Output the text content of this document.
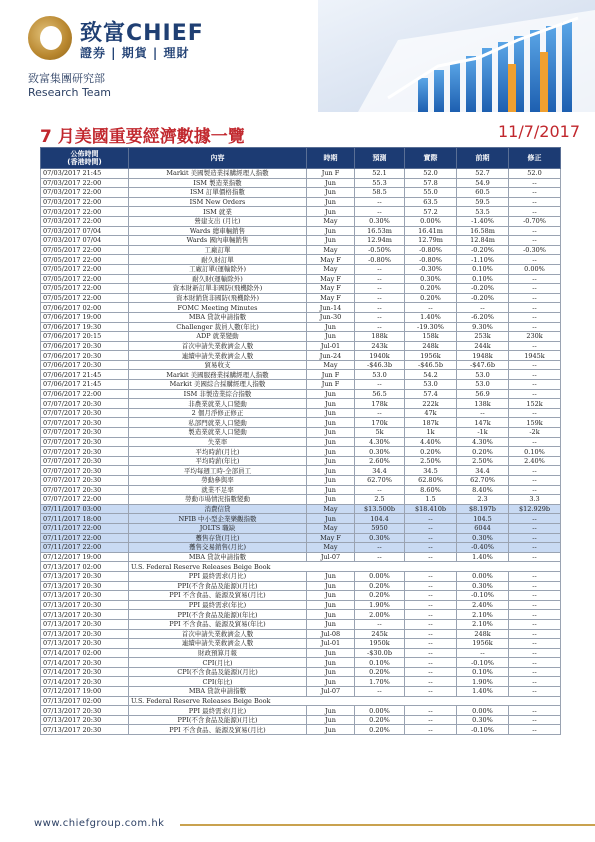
致富CHIEF
證券 | 期貨 | 理財
致富集團研究部
Research Team
7 月美國重要經濟數據一覽	11/7/2017
公佈時間
(香港時間)	內容	時期	預測	實際	前期	修正
07/03/2017 21:45	Markit 美國製造業採購經理人指數	Jun F	52.1	52.0	52.7	52.0
07/03/2017 22:00	ISM 製造業指數	Jun	55.3	57.8	54.9	--
07/03/2017 22:00	ISM 訂單價格指數	Jun	58.5	55.0	60.5	--
07/03/2017 22:00	ISM New Orders	Jun	--	63.5	59.5	--
07/03/2017 22:00	ISM 就業	Jun	--	57.2	53.5	--
07/03/2017 22:00	營建支出 (月比)	May	0.30%	0.00%	-1.40%	-0.70%
07/03/2017 07/04	Wards 總車輛銷售	Jun	16.53m	16.41m	16.58m	--
07/03/2017 07/04	Wards 國內車輛銷售	Jun	12.94m	12.79m	12.84m	--
07/05/2017 22:00	工廠訂單	May	-0.50%	-0.80%	-0.20%	-0.30%
07/05/2017 22:00	耐久財訂單	May F	-0.80%	-0.80%	-1.10%	--
07/05/2017 22:00	工廠訂單(運輸除外)	May	--	-0.30%	0.10%	0.00%
07/05/2017 22:00	耐久財(運輸除外)	May F	--	0.30%	0.10%	--
07/05/2017 22:00	資本財新訂單非國防(飛機除外)	May F	--	0.20%	-0.20%	--
07/05/2017 22:00	資本財銷貨非國防(飛機除外)	May F	--	0.20%	-0.20%	--
07/06/2017 02:00	FOMC Meeting Minutes	Jun-14	--	--	--	--
07/06/2017 19:00	MBA 貸款申請指數	Jun-30	--	1.40%	-6.20%	--
07/06/2017 19:30	Challenger 裁員人數(年比)	Jun	--	-19.30%	9.30%	--
07/06/2017 20:15	ADP 就業變動	Jun	188k	158k	253k	230k
07/06/2017 20:30	首次申請失業救濟金人數	Jul-01	243k	248k	244k	--
07/06/2017 20:30	連續申請失業救濟金人數	Jun-24	1940k	1956k	1948k	1945k
07/06/2017 20:30	貿易收支	May	-$46.3b	-$46.5b	-$47.6b	--
07/06/2017 21:45	Markit 美國服務業採購經理人指數	Jun F	53.0	54.2	53.0	--
07/06/2017 21:45	Markit 美國綜合採購經理人指數	Jun F	--	53.0	53.0	--
07/06/2017 22:00	ISM 非製造業綜合指數	Jun	56.5	57.4	56.9	--
07/07/2017 20:30	非農業就業人口變動	Jun	178k	222k	138k	152k
07/07/2017 20:30	2 個月淨修正修正	Jun	--	47k	--	--
07/07/2017 20:30	私部門就業人口變動	Jun	170k	187k	147k	159k
07/07/2017 20:30	製造業就業人口變動	Jun	5k	1k	-1k	-2k
07/07/2017 20:30	失業率	Jun	4.30%	4.40%	4.30%	--
07/07/2017 20:30	平均時薪(月比)	Jun	0.30%	0.20%	0.20%	0.10%
07/07/2017 20:30	平均時薪(年比)	Jun	2.60%	2.50%	2.50%	2.40%
07/07/2017 20:30	平均每週工時-全部員工	Jun	34.4	34.5	34.4	--
07/07/2017 20:30	勞動參與率	Jun	62.70%	62.80%	62.70%	--
07/07/2017 20:30	就業不足率	Jun	--	8.60%	8.40%	--
07/07/2017 22:00	勞動市場情況指數變動	Jun	2.5	1.5	2.3	3.3
07/11/2017 03:00	消費信貸	May	$13.500b	$18.410b	$8.197b	$12.929b
07/11/2017 18:00	NFIB 中小型企業樂觀指數	Jun	104.4	--	104.5	--
07/11/2017 22:00	JOLTS 職缺	May	5950	--	6044	--
07/11/2017 22:00	躉售存貨(月比)	May F	0.30%	--	0.30%	--
07/11/2017 22:00	躉售交易銷售(月比)	May	--	--	-0.40%	--
07/12/2017 19:00	MBA 貸款申請指數	Jul-07	--	--	1.40%	--
07/13/2017 02:00	U.S. Federal Reserve Releases Beige Book					
07/13/2017 20:30	PPI 最終需求(月比)	Jun	0.00%	--	0.00%	--
07/13/2017 20:30	PPI(不含食品及能源)(月比)	Jun	0.20%	--	0.30%	--
07/13/2017 20:30	PPI 不含食品、能源及貿易(月比)	Jun	0.20%	--	-0.10%	--
07/13/2017 20:30	PPI 最終需求(年比)	Jun	1.90%	--	2.40%	--
07/13/2017 20:30	PPI(不含食品及能源)(年比)	Jun	2.00%	--	2.10%	--
07/13/2017 20:30	PPI 不含食品、能源及貿易(年比)	Jun	--	--	2.10%	--
07/13/2017 20:30	首次申請失業救濟金人數	Jul-08	245k	--	248k	--
07/13/2017 20:30	連續申請失業救濟金人數	Jul-01	1950k	--	1956k	--
07/14/2017 02:00	財政預算月報	Jun	-$30.0b	--	--	--
07/14/2017 20:30	CPI(月比)	Jun	0.10%	--	-0.10%	--
07/14/2017 20:30	CPI(不含食品及能源)(月比)	Jun	0.20%	--	0.10%	--
07/14/2017 20:30	CPI(年比)	Jun	1.70%	--	1.90%	--
07/12/2017 19:00	MBA 貸款申請指數	Jul-07	--	--	1.40%	--
07/13/2017 02:00	U.S. Federal Reserve Releases Beige Book					
07/13/2017 20:30	PPI 最終需求(月比)	Jun	0.00%	--	0.00%	--
07/13/2017 20:30	PPI(不含食品及能源)(月比)	Jun	0.20%	--	0.30%	--
07/13/2017 20:30	PPI 不含食品、能源及貿易(月比)	Jun	0.20%	--	-0.10%	--
www.chiefgroup.com.hk
